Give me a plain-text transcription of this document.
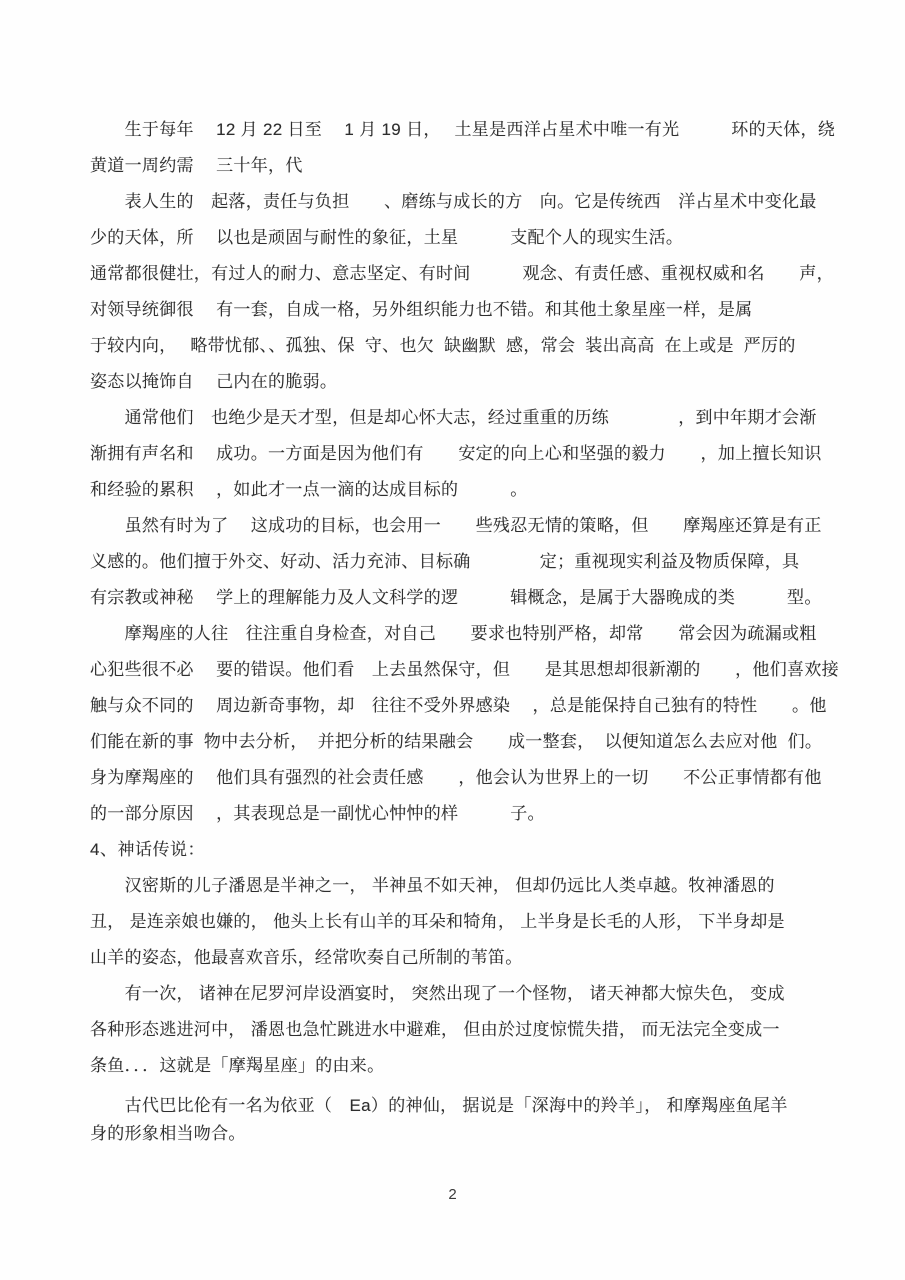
　　生于每年　 12 月 22 日至　 1 月 19 日，　 土星是西洋占星术中唯一有光　　　环的天体，绕
黄道一周约需　 三十年，代
　　表人生的　起落，责任与负担　　、磨练与成长的方　向。它是传统西　洋占星术中变化最
少的天体，所　 以也是顽固与耐性的象征，土星　　　支配个人的现实生活。
通常都很健壮，有过人的耐力、意志坚定、有时间　　　观念、有责任感、重视权威和名　　声，
对领导统御很　 有一套，自成一格，另外组织能力也不错。和其他土象星座一样，是属
于较内向，　 略带忧郁、、孤独、保  守、也欠  缺幽默  感，常会  装出高高  在上或是  严厉的
姿态以掩饰自　 己内在的脆弱。
　　通常他们　也绝少是天才型，但是却心怀大志，经过重重的历练　　　　，到中年期才会渐
渐拥有声名和　 成功。一方面是因为他们有　　安定的向上心和坚强的毅力　　，加上擅长知识
和经验的累积　 ，如此才一点一滴的达成目标的　　　。
　　虽然有时为了　 这成功的目标，也会用一　　些残忍无情的策略，但　　摩羯座还算是有正
义感的。他们擅于外交、好动、活力充沛、目标确　　　　定；重视现实利益及物质保障，具
有宗教或神秘　 学上的理解能力及人文科学的逻　　　辑概念，是属于大器晚成的类　　　型。
　　摩羯座的人往　往注重自身检查，对自己　　要求也特别严格，却常　　常会因为疏漏或粗
心犯些很不必　 要的错误。他们看　上去虽然保守，但　　是其思想却很新潮的　　，他们喜欢接
触与众不同的　 周边新奇事物，却　往往不受外界感染　 ，总是能保持自己独有的特性　　。他
们能在新的事  物中去分析，  并把分析的结果融会　　成一整套，  以便知道怎么去应对他  们。
身为摩羯座的　 他们具有强烈的社会责任感　　，他会认为世界上的一切　　不公正事情都有他
的一部分原因　 ，其表现总是一副忧心忡忡的样　　　子。
4、神话传说：
　　汉密斯的儿子潘恩是半神之一， 半神虽不如天神， 但却仍远比人类卓越。牧神潘恩的
丑， 是连亲娘也嫌的， 他头上长有山羊的耳朵和犄角， 上半身是长毛的人形， 下半身却是
山羊的姿态，他最喜欢音乐，经常吹奏自己所制的苇笛。
　　有一次， 诸神在尼罗河岸设酒宴时， 突然出现了一个怪物， 诸天神都大惊失色， 变成
各种形态逃进河中， 潘恩也急忙跳进水中避难， 但由於过度惊慌失措， 而无法完全变成一
条鱼．．．这就是「摩羯星座」的由来。
　　古代巴比伦有一名为依亚（　Ea）的神仙， 据说是「深海中的羚羊」， 和摩羯座鱼尾羊
身的形象相当吻合。
2
